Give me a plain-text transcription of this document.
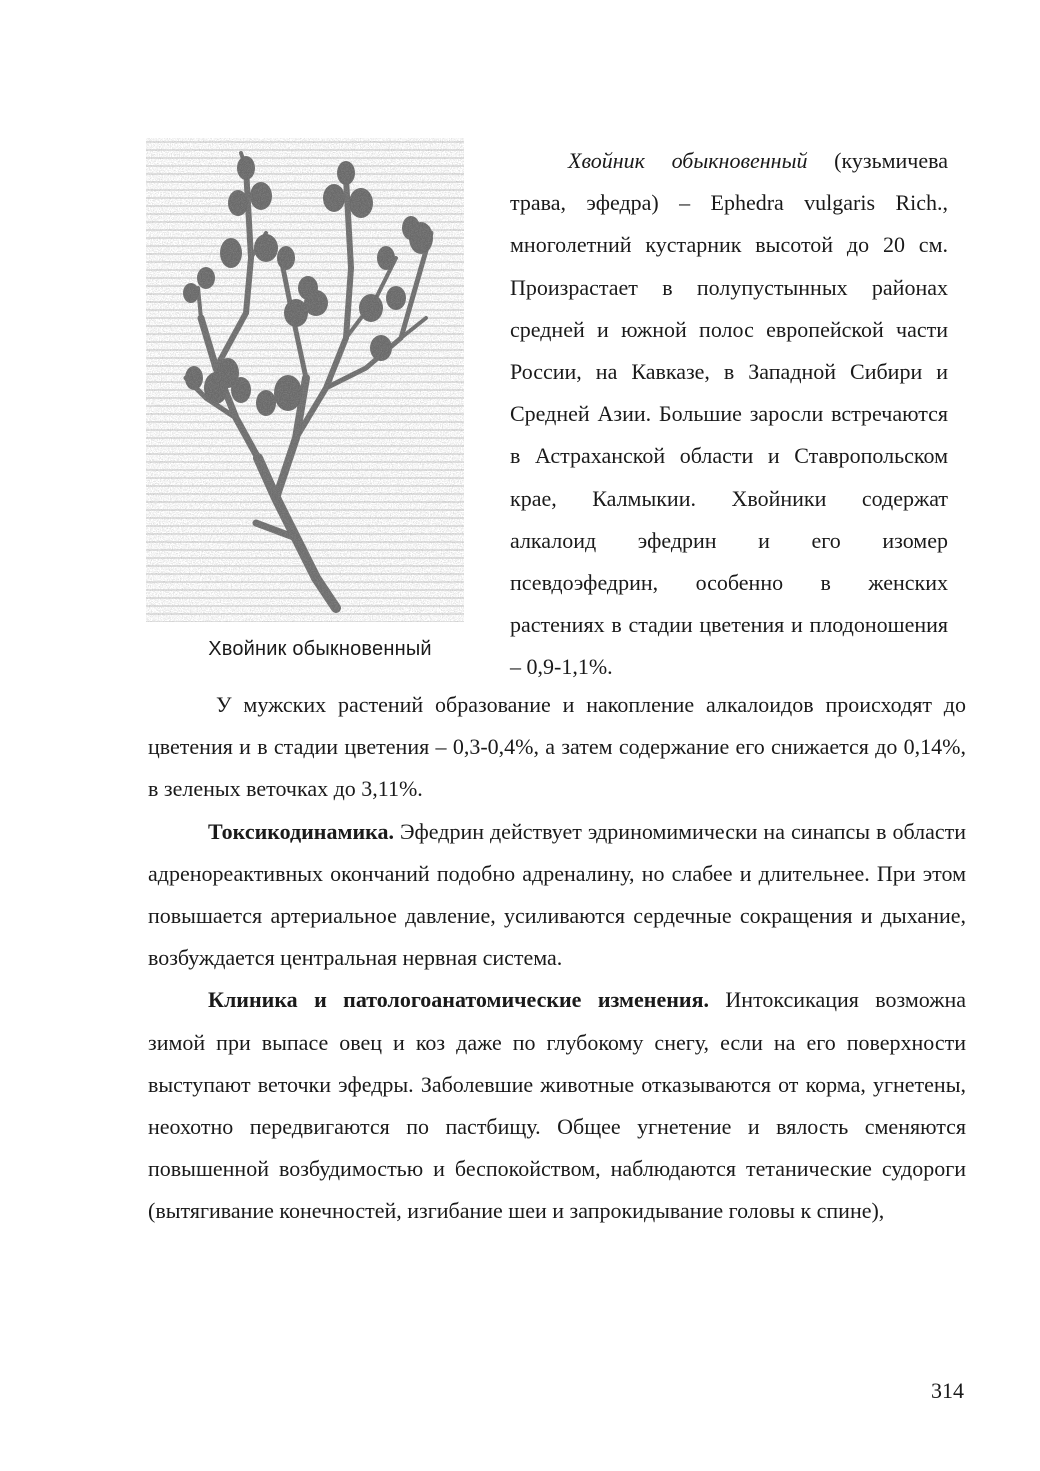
Хвойник обыкновенный
Хвойник обыкновенный (кузьмичева трава, эфедра) – Ephedra vulgaris Rich., многолетний кустарник высотой до 20 см. Произрастает в полупустынных районах средней и южной полос европейской части России, на Кавказе, в Западной Сибири и Средней Азии. Большие заросли встречаются в Астраханской области и Ставропольском крае, Калмыкии. Хвойники содержат алкалоид эфедрин и его изомер псевдоэфедрин, особенно в женских растениях в стадии цветения и плодоношения – 0,9-1,1%.

У мужских растений образование и накопление алкалоидов происходят до цветения и в стадии цветения – 0,3-0,4%, а затем содержание его снижается до 0,14%, в зеленых веточках до 3,11%.

Токсикодинамика. Эфедрин действует эдриномимически на синапсы в области адренореактивных окончаний подобно адреналину, но слабее и длительнее. При этом повышается артериальное давление, усиливаются сердечные сокращения и дыхание, возбуждается центральная нервная система.

Клиника и патологоанатомические изменения. Интоксикация возможна зимой при выпасе овец и коз даже по глубокому снегу, если на его поверхности выступают веточки эфедры. Заболевшие животные отказываются от корма, угнетены, неохотно передвигаются по пастбищу. Общее угнетение и вялость сменяются повышенной возбудимостью и беспокойством, наблюдаются тетанические судороги (вытягивание конечностей, изгибание шеи и запрокидывание головы к спине),

314
